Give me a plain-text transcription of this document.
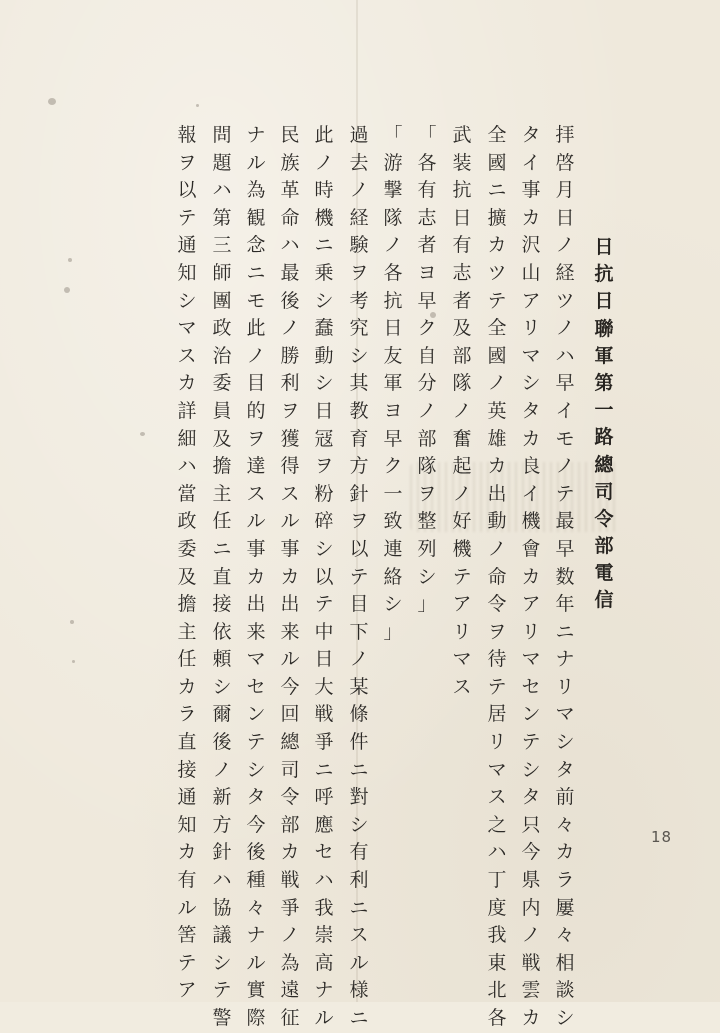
日
抗
日
聯
軍
第
一
路
總
司
令
部
電
信
拝
啓
月
日
ノ
経
ツ
ノ
ハ
早
イ
モ
ノ
テ
最
早
数
年
ニ
ナ
リ
マ
シ
タ
前
々
カ
ラ
屢
々
相
談
シ
タ
イ
事
カ
沢
山
ア
リ
マ
シ
タ
カ
良
イ
機
會
カ
ア
リ
マ
セ
ン
テ
シ
タ
只
今
県
内
ノ
戦
雲
カ
全
國
ニ
擴
カ
ツ
テ
全
國
ノ
英
雄
カ
出
動
ノ
命
令
ヲ
待
テ
居
リ
マ
ス
之
ハ
丁
度
我
東
北
各
武
装
抗
日
有
志
者
及
部
隊
ノ
奮
起
ノ
好
機
テ
ア
リ
マ
ス
「
各
有
志
者
ヨ
早
ク
自
分
ノ
部
隊
ヲ
整
列
シ
」
「
游
撃
隊
ノ
各
抗
日
友
軍
ヨ
早
ク
一
致
連
絡
シ
」
過
去
ノ
経
験
ヲ
考
究
シ
其
教
育
方
針
ヲ
以
テ
目
下
ノ
某
條
件
ニ
對
シ
有
利
ニ
ス
ル
様
ニ
此
ノ
時
機
ニ
乗
シ
蠢
動
シ
日
冦
ヲ
粉
碎
シ
以
テ
中
日
大
戦
爭
ニ
呼
應
セ
ハ
我
崇
高
ナ
ル
民
族
革
命
ハ
最
後
ノ
勝
利
ヲ
獲
得
ス
ル
事
カ
出
来
ル
今
回
總
司
令
部
カ
戦
爭
ノ
為
遠
征
ナ
ル
為
観
念
ニ
モ
此
ノ
目
的
ヲ
達
ス
ル
事
カ
出
来
マ
セ
ン
テ
シ
タ
今
後
種
々
ナ
ル
實
際
問
題
ハ
第
三
師
團
政
治
委
員
及
擔
主
任
ニ
直
接
依
頼
シ
爾
後
ノ
新
方
針
ハ
協
議
シ
テ
警
報
ヲ
以
テ
通
知
シ
マ
ス
カ
詳
細
ハ
當
政
委
及
擔
主
任
カ
ラ
直
接
通
知
カ
有
ル
筈
テ
ア
18
